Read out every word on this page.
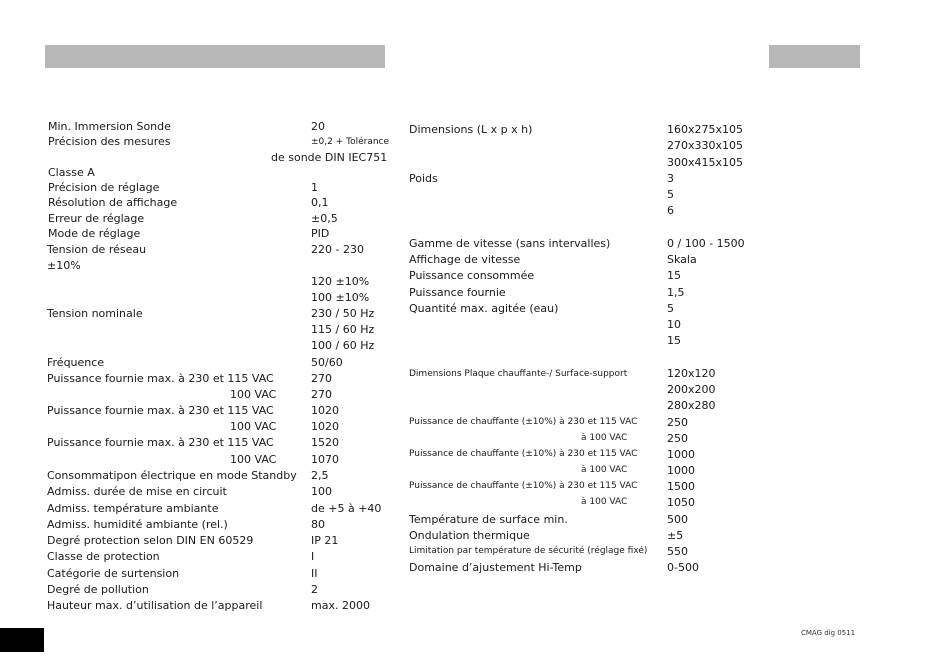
Min. Immersion Sonde
Précision des mesures
de sonde DIN IEC751
Classe A
Précision de réglage
Résolution de affichage
Erreur de réglage
Mode de réglage
Tension de réseau
±10%
Tension nominale
Fréquence
Puissance fournie max. à 230 et 115 VAC
100 VAC
Puissance fournie max. à 230 et 115 VAC
100 VAC
Puissance fournie max. à 230 et 115 VAC
100 VAC
Consommatipon électrique en mode Standby
Admiss. durée de mise en circuit
Admiss. température ambiante
Admiss. humidité ambiante (rel.)
Degré protection selon DIN EN 60529
Classe de protection
Catégorie de surtension
Degré de pollution
Hauteur max. d’utilisation de l’appareil
20
±0,2 + Tolérance
1
0,1
±0,5
PID
220 - 230
120 ±10%
100 ±10%
230 / 50 Hz
115 / 60 Hz
100 / 60 Hz
50/60
270
270
1020
1020
1520
1070
2,5
100
de +5 à +40
80
IP 21
I
II
2
max. 2000
Dimensions (L x p x h)
Poids
Gamme de vitesse (sans intervalles)
Affichage de vitesse
Puissance consommée
Puissance fournie
Quantité max. agitée (eau)
Dimensions Plaque chauffante-/ Surface-support
Puissance de chauffante (±10%) à 230 et 115 VAC
à 100 VAC
Puissance de chauffante (±10%) à 230 et 115 VAC
à 100 VAC
Puissance de chauffante (±10%) à 230 et 115 VAC
à 100 VAC
Température de surface min.
Ondulation thermique
Limitation par température de sécurité (réglage fixé)
Domaine d’ajustement Hi-Temp
160x275x105
270x330x105
300x415x105
3
5
6
0 / 100 - 1500
Skala
15
1,5
5
10
15
120x120
200x200
280x280
250
250
1000
1000
1500
1050
500
±5
550
0-500
CMAG dig 0511
